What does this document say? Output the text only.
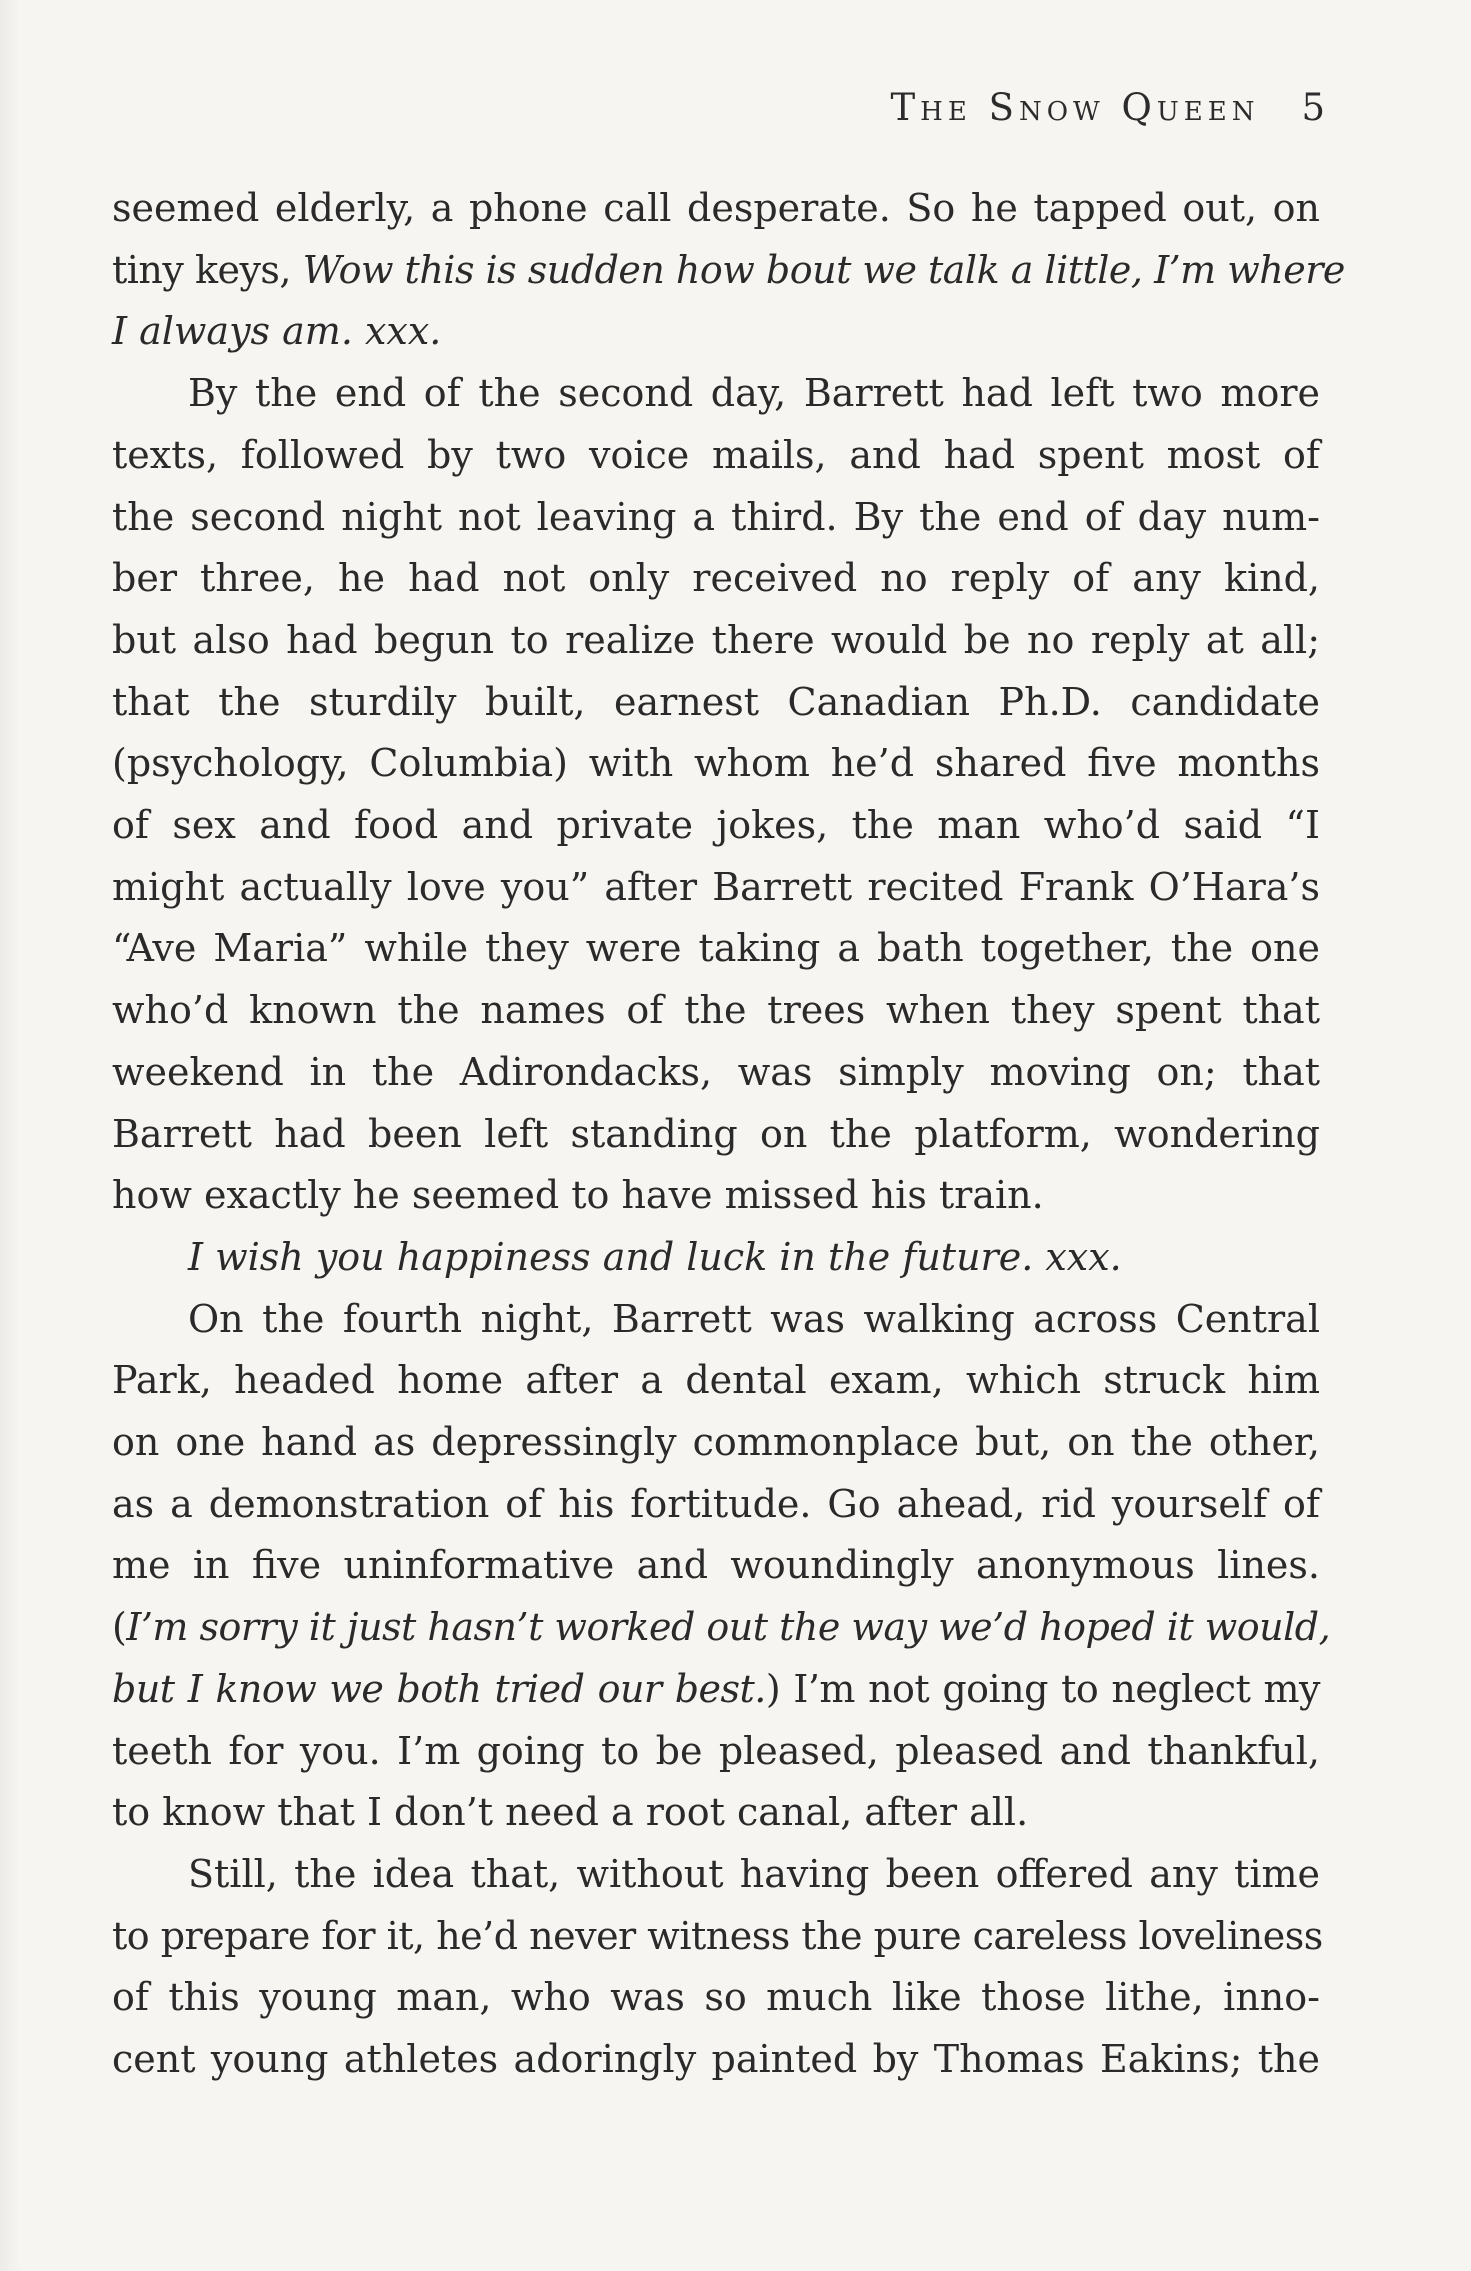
The Snow Queen 5
seemed elderly, a phone call desperate. So he tapped out, on
tiny keys, Wow this is sudden how bout we talk a little, I’m where
I always am. xxx.
By the end of the second day, Barrett had left two more
texts, followed by two voice mails, and had spent most of
the second night not leaving a third. By the end of day num-
ber three, he had not only received no reply of any kind,
but also had begun to realize there would be no reply at all;
that the sturdily built, earnest Canadian Ph.D. candidate
(psychology, Columbia) with whom he’d shared five months
of sex and food and private jokes, the man who’d said “I
might actually love you” after Barrett recited Frank O’Hara’s
“Ave Maria” while they were taking a bath together, the one
who’d known the names of the trees when they spent that
weekend in the Adirondacks, was simply moving on; that
Barrett had been left standing on the platform, wondering
how exactly he seemed to have missed his train.
I wish you happiness and luck in the future. xxx.
On the fourth night, Barrett was walking across Central
Park, headed home after a dental exam, which struck him
on one hand as depressingly commonplace but, on the other,
as a demonstration of his fortitude. Go ahead, rid yourself of
me in five uninformative and woundingly anonymous lines.
(I’m sorry it just hasn’t worked out the way we’d hoped it would,
but I know we both tried our best.) I’m not going to neglect my
teeth for you. I’m going to be pleased, pleased and thankful,
to know that I don’t need a root canal, after all.
Still, the idea that, without having been offered any time
to prepare for it, he’d never witness the pure careless loveliness
of this young man, who was so much like those lithe, inno-
cent young athletes adoringly painted by Thomas Eakins; the
